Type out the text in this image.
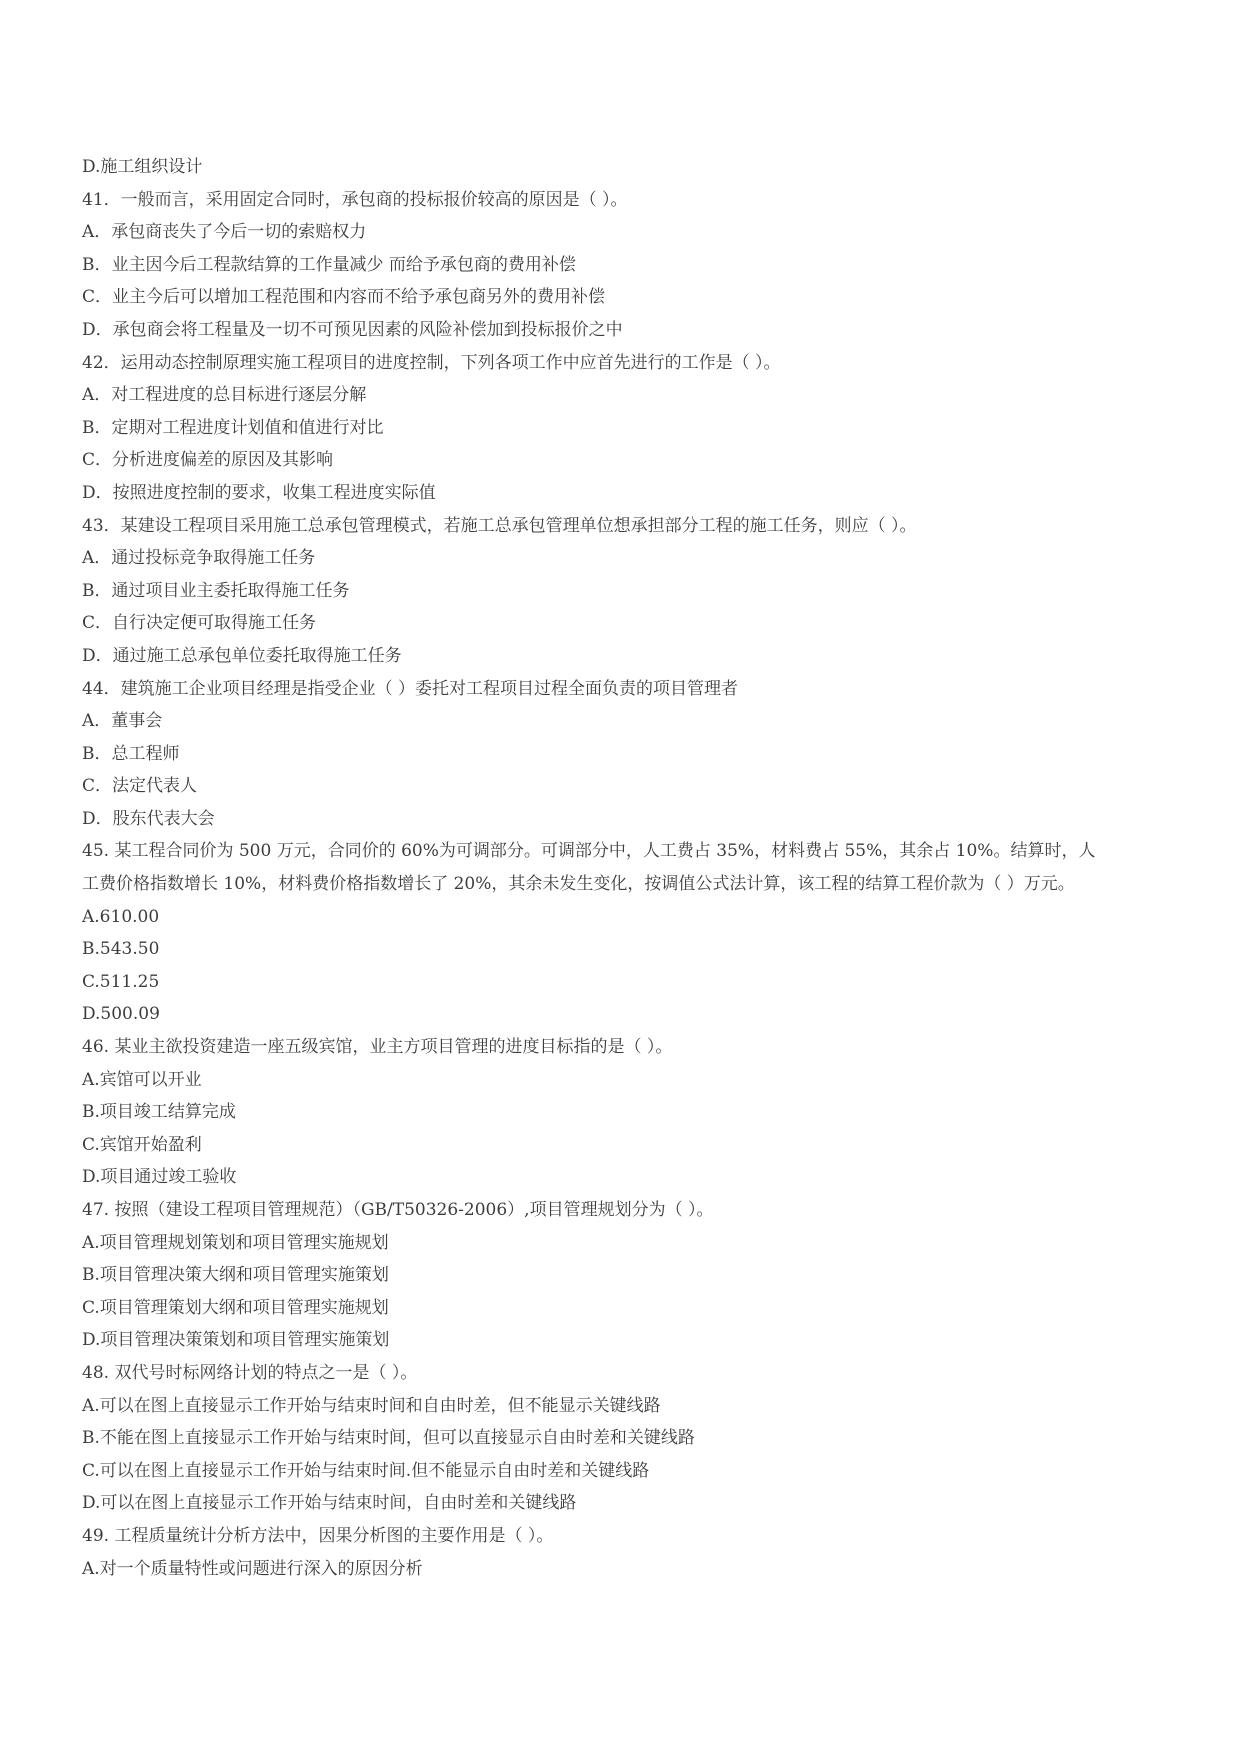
D.施工组织设计
41．一般而言，采用固定合同时，承包商的投标报价较高的原因是（ ）。
A．承包商丧失了今后一切的索赔权力
B．业主因今后工程款结算的工作量减少 而给予承包商的费用补偿
C．业主今后可以增加工程范围和内容而不给予承包商另外的费用补偿
D．承包商会将工程量及一切不可预见因素的风险补偿加到投标报价之中
42．运用动态控制原理实施工程项目的进度控制，下列各项工作中应首先进行的工作是（ ）。
A．对工程进度的总目标进行逐层分解
B．定期对工程进度计划值和值进行对比
C．分析进度偏差的原因及其影响
D．按照进度控制的要求，收集工程进度实际值
43．某建设工程项目采用施工总承包管理模式，若施工总承包管理单位想承担部分工程的施工任务，则应（ ）。
A．通过投标竞争取得施工任务
B．通过项目业主委托取得施工任务
C．自行决定便可取得施工任务
D．通过施工总承包单位委托取得施工任务
44．建筑施工企业项目经理是指受企业（ ）委托对工程项目过程全面负责的项目管理者
A．董事会
B．总工程师
C．法定代表人
D．股东代表大会
45. 某工程合同价为 500 万元，合同价的 60%为可调部分。可调部分中，人工费占 35%，材料费占 55%，其余占 10%。结算时，人
工费价格指数增长 10%，材料费价格指数增长了 20%，其余未发生变化，按调值公式法计算，该工程的结算工程价款为（ ）万元。
A.610.00
B.543.50
C.511.25
D.500.09
46. 某业主欲投资建造一座五级宾馆，业主方项目管理的进度目标指的是（ ）。
A.宾馆可以开业
B.项目竣工结算完成
C.宾馆开始盈利
D.项目通过竣工验收
47. 按照（建设工程项目管理规范）（GB/T50326-2006）,项目管理规划分为（ ）。
A.项目管理规划策划和项目管理实施规划
B.项目管理决策大纲和项目管理实施策划
C.项目管理策划大纲和项目管理实施规划
D.项目管理决策策划和项目管理实施策划
48. 双代号时标网络计划的特点之一是（ ）。
A.可以在图上直接显示工作开始与结束时间和自由时差，但不能显示关键线路
B.不能在图上直接显示工作开始与结束时间，但可以直接显示自由时差和关键线路
C.可以在图上直接显示工作开始与结束时间.但不能显示自由时差和关键线路
D.可以在图上直接显示工作开始与结束时间，自由时差和关键线路
49. 工程质量统计分析方法中，因果分析图的主要作用是（ ）。
A.对一个质量特性或问题进行深入的原因分析
